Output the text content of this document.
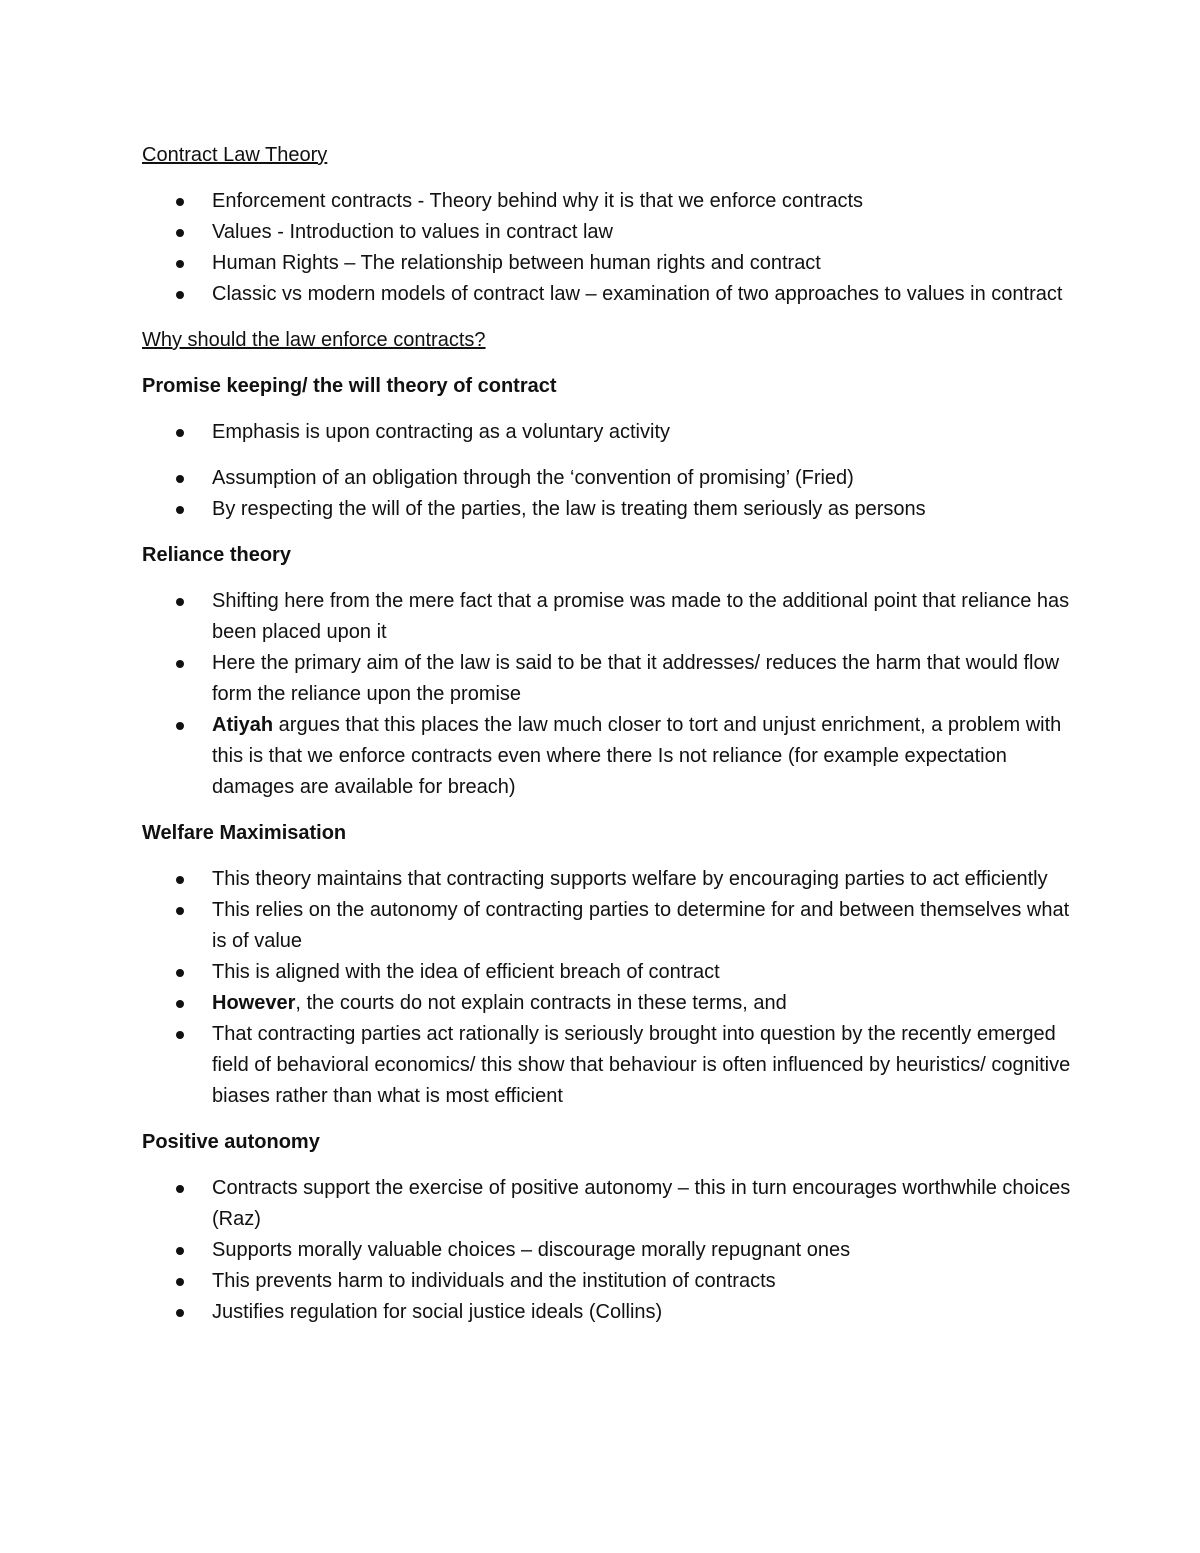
Contract Law Theory

Enforcement contracts - Theory behind why it is that we enforce contracts
Values - Introduction to values in contract law
Human Rights – The relationship between human rights and contract
Classic vs modern models of contract law – examination of two approaches to values in contract

Why should the law enforce contracts?

Promise keeping/ the will theory of contract

Emphasis is upon contracting as a voluntary activity
Assumption of an obligation through the ‘convention of promising’ (Fried)
By respecting the will of the parties, the law is treating them seriously as persons

Reliance theory

Shifting here from the mere fact that a promise was made to the additional point that reliance has been placed upon it
Here the primary aim of the law is said to be that it addresses/ reduces the harm that would flow form the reliance upon the promise
Atiyah argues that this places the law much closer to tort and unjust enrichment, a problem with this is that we enforce contracts even where there Is not reliance (for example expectation damages are available for breach)

Welfare Maximisation

This theory maintains that contracting supports welfare by encouraging parties to act efficiently
This relies on the autonomy of contracting parties to determine for and between themselves what is of value
This is aligned with the idea of efficient breach of contract
However, the courts do not explain contracts in these terms, and
That contracting parties act rationally is seriously brought into question by the recently emerged field of behavioral economics/ this show that behaviour is often influenced by heuristics/ cognitive biases rather than what is most efficient

Positive autonomy

Contracts support the exercise of positive autonomy – this in turn encourages worthwhile choices (Raz)
Supports morally valuable choices – discourage morally repugnant ones
This prevents harm to individuals and the institution of contracts
Justifies regulation for social justice ideals (Collins)
